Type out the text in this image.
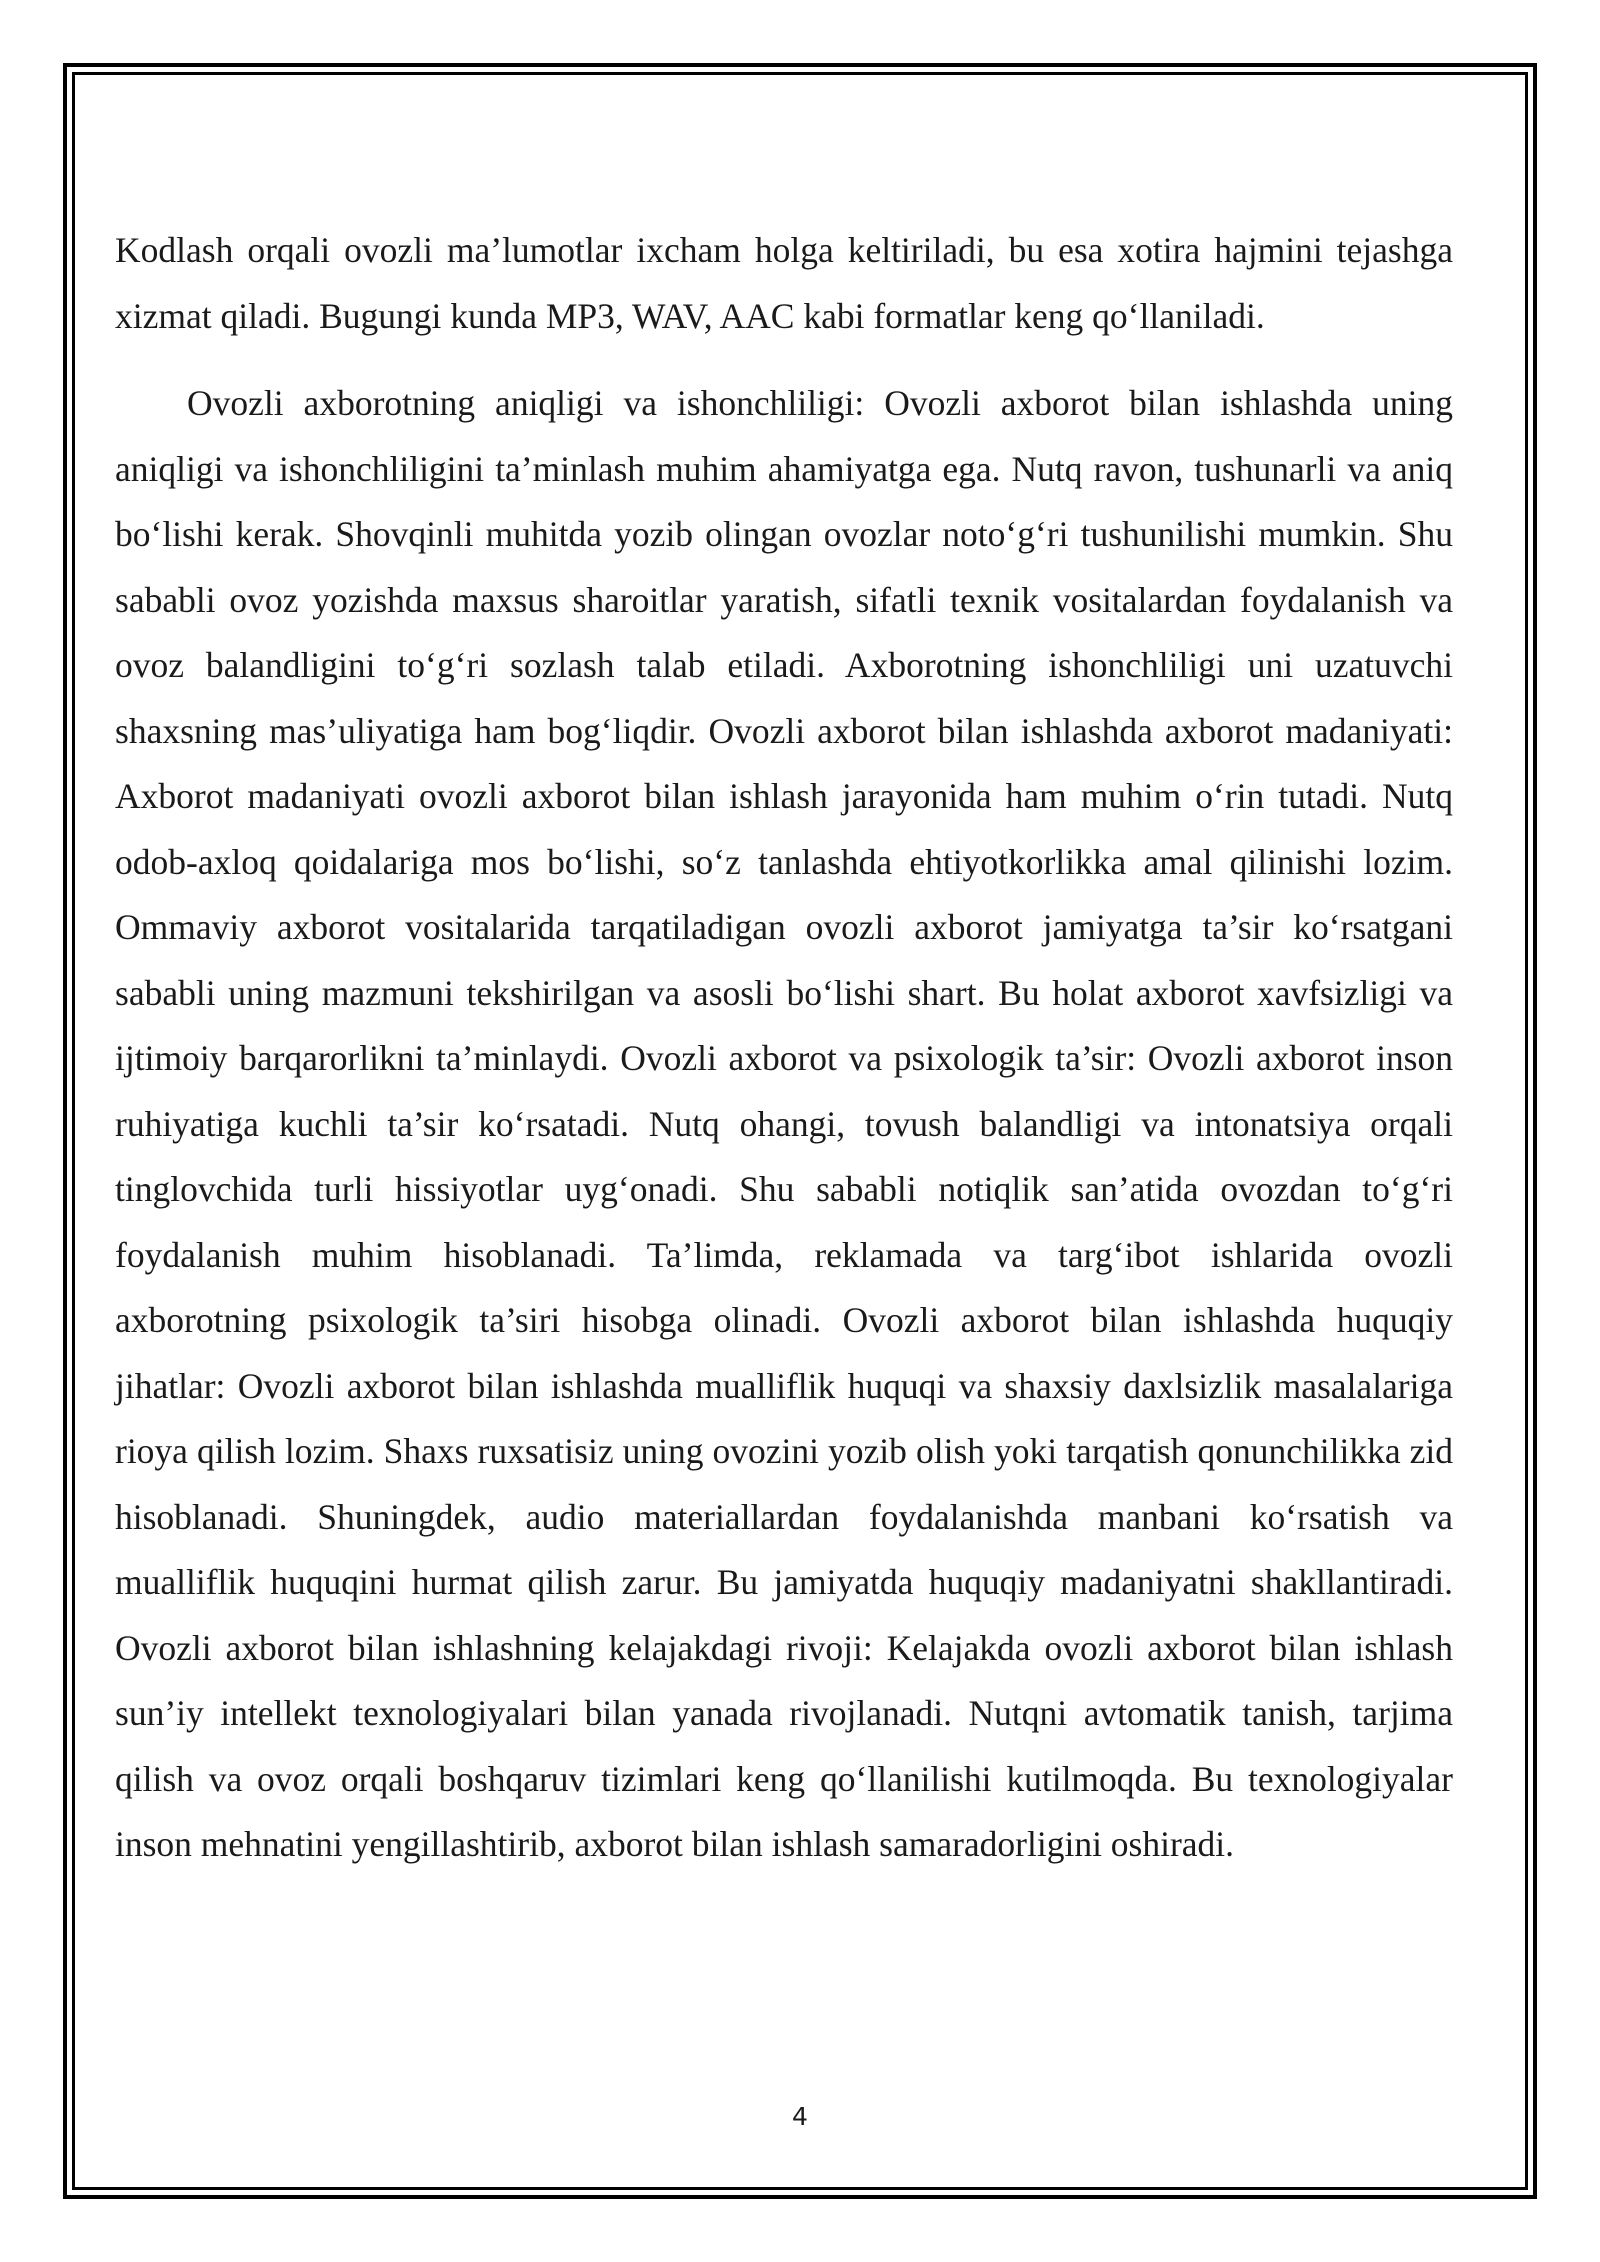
Kodlash orqali ovozli ma’lumotlar ixcham holga keltiriladi, bu esa xotira hajmini tejashga xizmat qiladi. Bugungi kunda MP3, WAV, AAC kabi formatlar keng qo‘llaniladi.

Ovozli axborotning aniqligi va ishonchliligi: Ovozli axborot bilan ishlashda uning aniqligi va ishonchliligini ta’minlash muhim ahamiyatga ega. Nutq ravon, tushunarli va aniq bo‘lishi kerak. Shovqinli muhitda yozib olingan ovozlar noto‘g‘ri tushunilishi mumkin. Shu sababli ovoz yozishda maxsus sharoitlar yaratish, sifatli texnik vositalardan foydalanish va ovoz balandligini to‘g‘ri sozlash talab etiladi. Axborotning ishonchliligi uni uzatuvchi shaxsning mas’uliyatiga ham bog‘liqdir. Ovozli axborot bilan ishlashda axborot madaniyati: Axborot madaniyati ovozli axborot bilan ishlash jarayonida ham muhim o‘rin tutadi. Nutq odob-axloq qoidalariga mos bo‘lishi, so‘z tanlashda ehtiyotkorlikka amal qilinishi lozim. Ommaviy axborot vositalarida tarqatiladigan ovozli axborot jamiyatga ta’sir ko‘rsatgani sababli uning mazmuni tekshirilgan va asosli bo‘lishi shart. Bu holat axborot xavfsizligi va ijtimoiy barqarorlikni ta’minlaydi. Ovozli axborot va psixologik ta’sir: Ovozli axborot inson ruhiyatiga kuchli ta’sir ko‘rsatadi. Nutq ohangi, tovush balandligi va intonatsiya orqali tinglovchida turli hissiyotlar uyg‘onadi. Shu sababli notiqlik san’atida ovozdan to‘g‘ri foydalanish muhim hisoblanadi. Ta’limda, reklamada va targ‘ibot ishlarida ovozli axborotning psixologik ta’siri hisobga olinadi. Ovozli axborot bilan ishlashda huquqiy jihatlar: Ovozli axborot bilan ishlashda mualliflik huquqi va shaxsiy daxlsizlik masalalariga rioya qilish lozim. Shaxs ruxsatisiz uning ovozini yozib olish yoki tarqatish qonunchilikka zid hisoblanadi. Shuningdek, audio materiallardan foydalanishda manbani ko‘rsatish va mualliflik huquqini hurmat qilish zarur. Bu jamiyatda huquqiy madaniyatni shakllantiradi. Ovozli axborot bilan ishlashning kelajakdagi rivoji: Kelajakda ovozli axborot bilan ishlash sun’iy intellekt texnologiyalari bilan yanada rivojlanadi. Nutqni avtomatik tanish, tarjima qilish va ovoz orqali boshqaruv tizimlari keng qo‘llanilishi kutilmoqda. Bu texnologiyalar inson mehnatini yengillashtirib, axborot bilan ishlash samaradorligini oshiradi.

4
